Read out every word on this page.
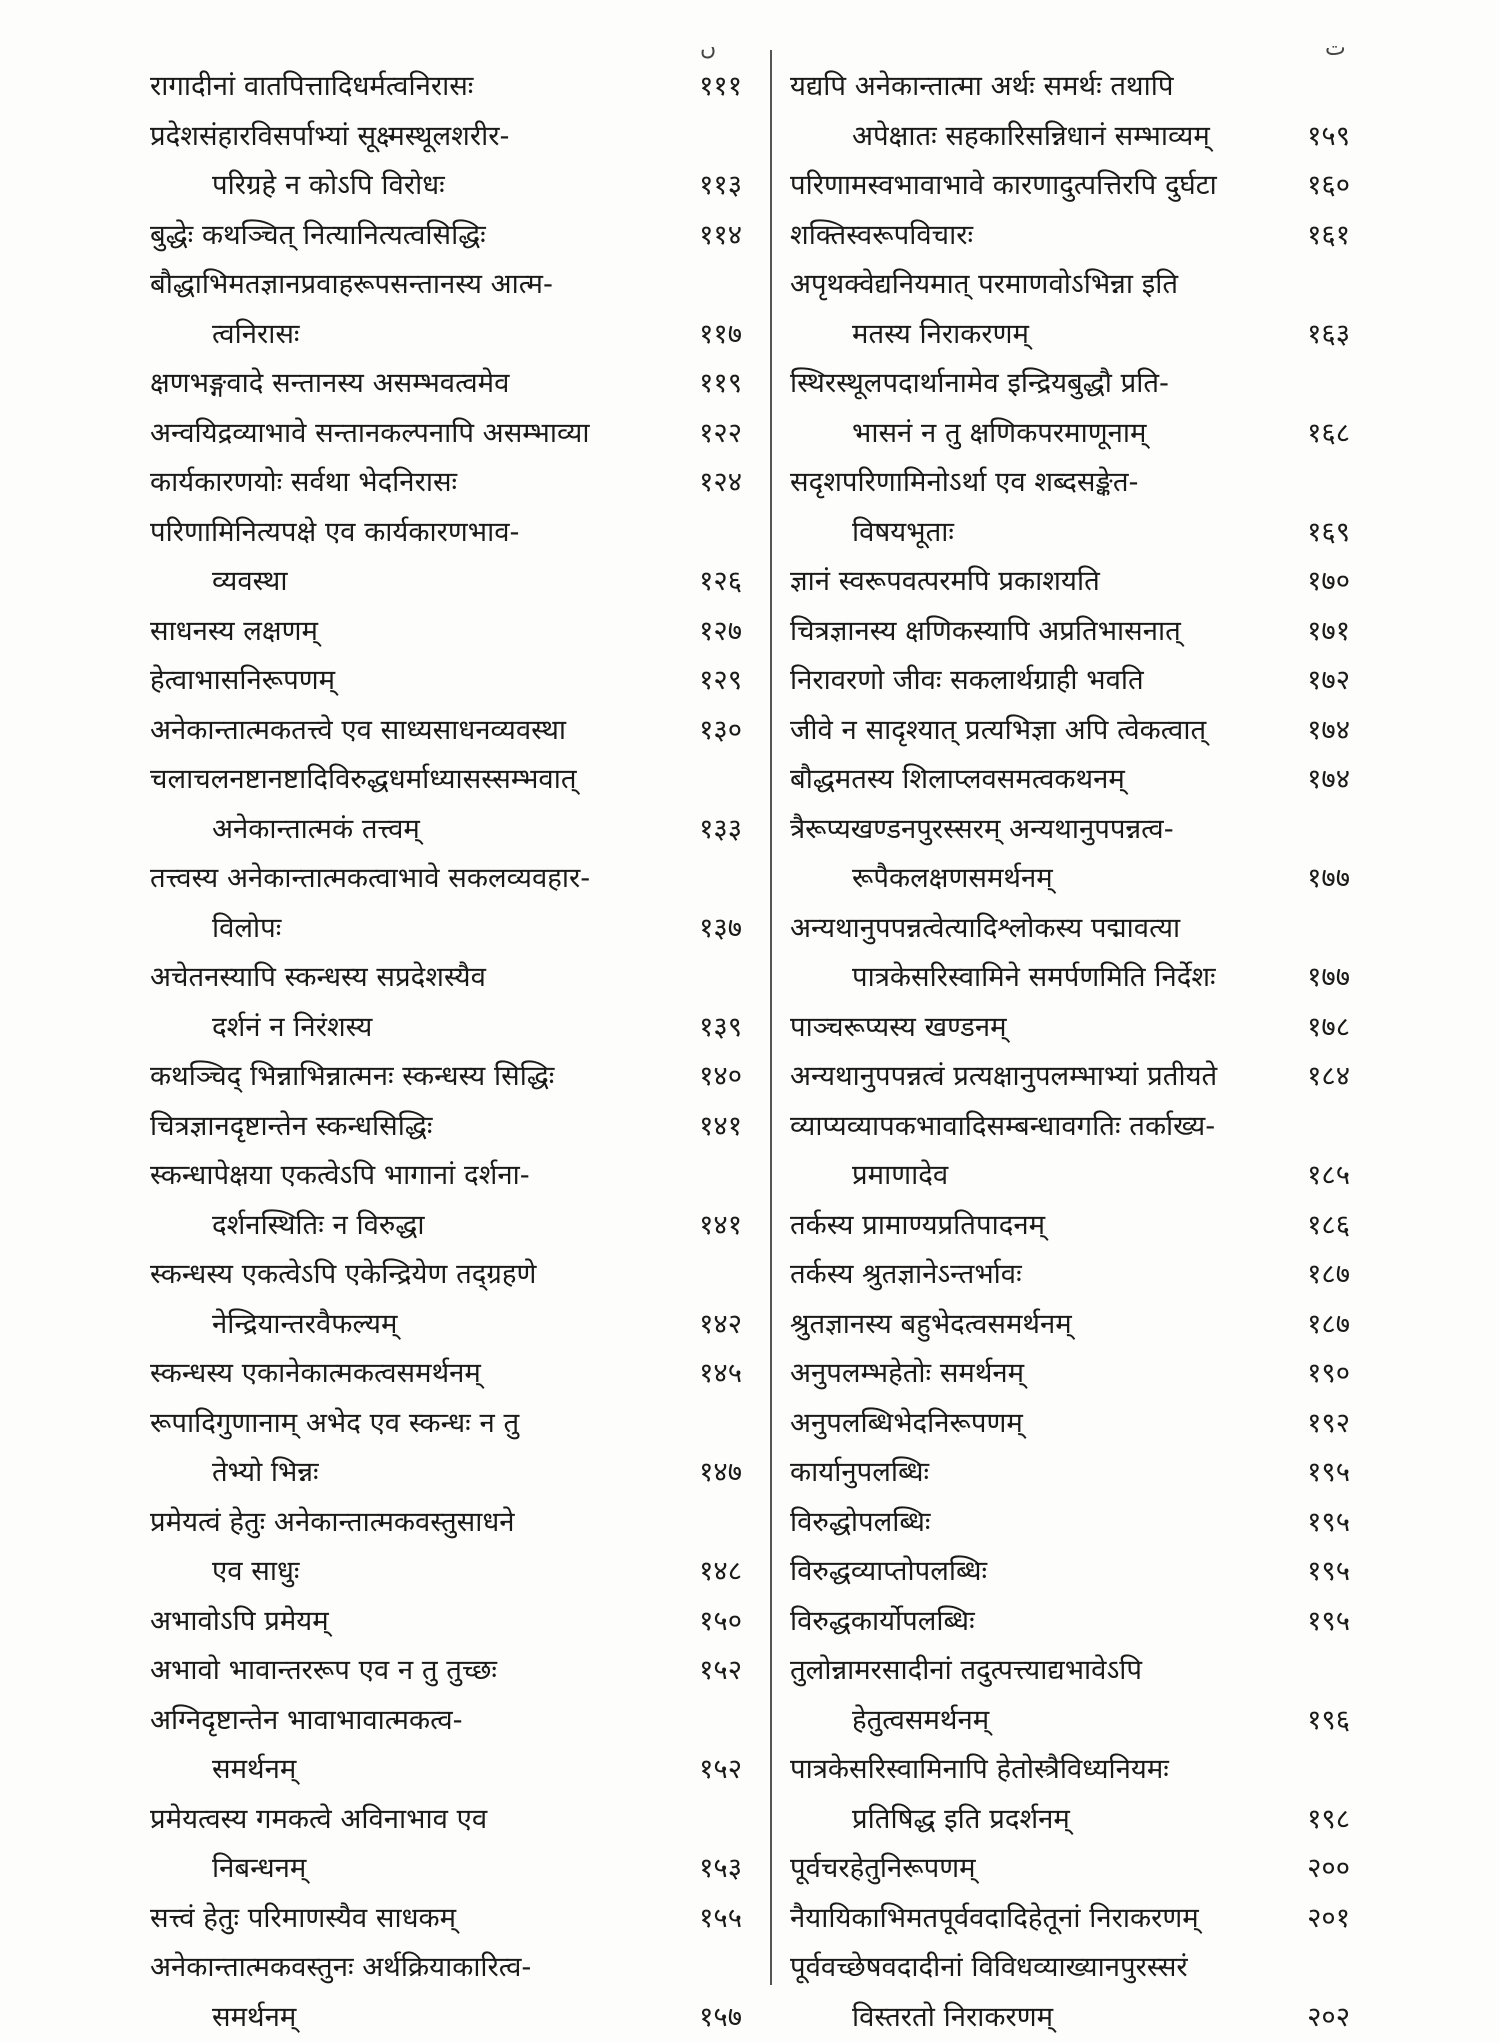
ں	ت
रागादीनां वातपित्तादिधर्मत्वनिरासः	१११
प्रदेशसंहारविसर्पाभ्यां सूक्ष्मस्थूलशरीर-
परिग्रहे न कोऽपि विरोधः	११३
बुद्धेः कथञ्चित् नित्यानित्यत्वसिद्धिः	११४
बौद्धाभिमतज्ञानप्रवाहरूपसन्तानस्य आत्म-
त्वनिरासः	११७
क्षणभङ्गवादे सन्तानस्य असम्भवत्वमेव	११९
अन्वयिद्रव्याभावे सन्तानकल्पनापि असम्भाव्या	१२२
कार्यकारणयोः सर्वथा भेदनिरासः	१२४
परिणामिनित्यपक्षे एव कार्यकारणभाव-
व्यवस्था	१२६
साधनस्य लक्षणम्	१२७
हेत्वाभासनिरूपणम्	१२९
अनेकान्तात्मकतत्त्वे एव साध्यसाधनव्यवस्था	१३०
चलाचलनष्टानष्टादिविरुद्धधर्माध्यासस्सम्भवात्
अनेकान्तात्मकं तत्त्वम्	१३३
तत्त्वस्य अनेकान्तात्मकत्वाभावे सकलव्यवहार-
विलोपः	१३७
अचेतनस्यापि स्कन्धस्य सप्रदेशस्यैव
दर्शनं न निरंशस्य	१३९
कथञ्चिद् भिन्नाभिन्नात्मनः स्कन्धस्य सिद्धिः	१४०
चित्रज्ञानदृष्टान्तेन स्कन्धसिद्धिः	१४१
स्कन्धापेक्षया एकत्वेऽपि भागानां दर्शना-
दर्शनस्थितिः न विरुद्धा	१४१
स्कन्धस्य एकत्वेऽपि एकेन्द्रियेण तद्ग्रहणे
नेन्द्रियान्तरवैफल्यम्	१४२
स्कन्धस्य एकानेकात्मकत्वसमर्थनम्	१४५
रूपादिगुणानाम् अभेद एव स्कन्धः न तु
तेभ्यो भिन्नः	१४७
प्रमेयत्वं हेतुः अनेकान्तात्मकवस्तुसाधने
एव साधुः	१४८
अभावोऽपि प्रमेयम्	१५०
अभावो भावान्तररूप एव न तु तुच्छः	१५२
अग्निदृष्टान्तेन भावाभावात्मकत्व-
समर्थनम्	१५२
प्रमेयत्वस्य गमकत्वे अविनाभाव एव
निबन्धनम्	१५३
सत्त्वं हेतुः परिमाणस्यैव साधकम्	१५५
अनेकान्तात्मकवस्तुनः अर्थक्रियाकारित्व-
समर्थनम्	१५७
यद्यपि अनेकान्तात्मा अर्थः समर्थः तथापि
अपेक्षातः सहकारिसन्निधानं सम्भाव्यम्	१५९
परिणामस्वभावाभावे कारणादुत्पत्तिरपि दुर्घटा	१६०
शक्तिस्वरूपविचारः	१६१
अपृथक्वेद्यनियमात् परमाणवोऽभिन्ना इति
मतस्य निराकरणम्	१६३
स्थिरस्थूलपदार्थानामेव इन्द्रियबुद्धौ प्रति-
भासनं न तु क्षणिकपरमाणूनाम्	१६८
सदृशपरिणामिनोऽर्था एव शब्दसङ्केत-
विषयभूताः	१६९
ज्ञानं स्वरूपवत्परमपि प्रकाशयति	१७०
चित्रज्ञानस्य क्षणिकस्यापि अप्रतिभासनात्	१७१
निरावरणो जीवः सकलार्थग्राही भवति	१७२
जीवे न सादृश्यात् प्रत्यभिज्ञा अपि त्वेकत्वात्	१७४
बौद्धमतस्य शिलाप्लवसमत्वकथनम्	१७४
त्रैरूप्यखण्डनपुरस्सरम् अन्यथानुपपन्नत्व-
रूपैकलक्षणसमर्थनम्	१७७
अन्यथानुपपन्नत्वेत्यादिश्लोकस्य पद्मावत्या
पात्रकेसरिस्वामिने समर्पणमिति निर्देशः	१७७
पाञ्चरूप्यस्य खण्डनम्	१७८
अन्यथानुपपन्नत्वं प्रत्यक्षानुपलम्भाभ्यां प्रतीयते	१८४
व्याप्यव्यापकभावादिसम्बन्धावगतिः तर्काख्य-
प्रमाणादेव	१८५
तर्कस्य प्रामाण्यप्रतिपादनम्	१८६
तर्कस्य श्रुतज्ञानेऽन्तर्भावः	१८७
श्रुतज्ञानस्य बहुभेदत्वसमर्थनम्	१८७
अनुपलम्भहेतोः समर्थनम्	१९०
अनुपलब्धिभेदनिरूपणम्	१९२
कार्यानुपलब्धिः	१९५
विरुद्धोपलब्धिः	१९५
विरुद्धव्याप्तोपलब्धिः	१९५
विरुद्धकार्योपलब्धिः	१९५
तुलोन्नामरसादीनां तदुत्पत्त्याद्यभावेऽपि
हेतुत्वसमर्थनम्	१९६
पात्रकेसरिस्वामिनापि हेतोस्त्रैविध्यनियमः
प्रतिषिद्ध इति प्रदर्शनम्	१९८
पूर्वचरहेतुनिरूपणम्	२००
नैयायिकाभिमतपूर्ववदादिहेतूनां निराकरणम्	२०१
पूर्ववच्छेषवदादीनां विविधव्याख्यानपुरस्सरं
विस्तरतो निराकरणम्	२०२
